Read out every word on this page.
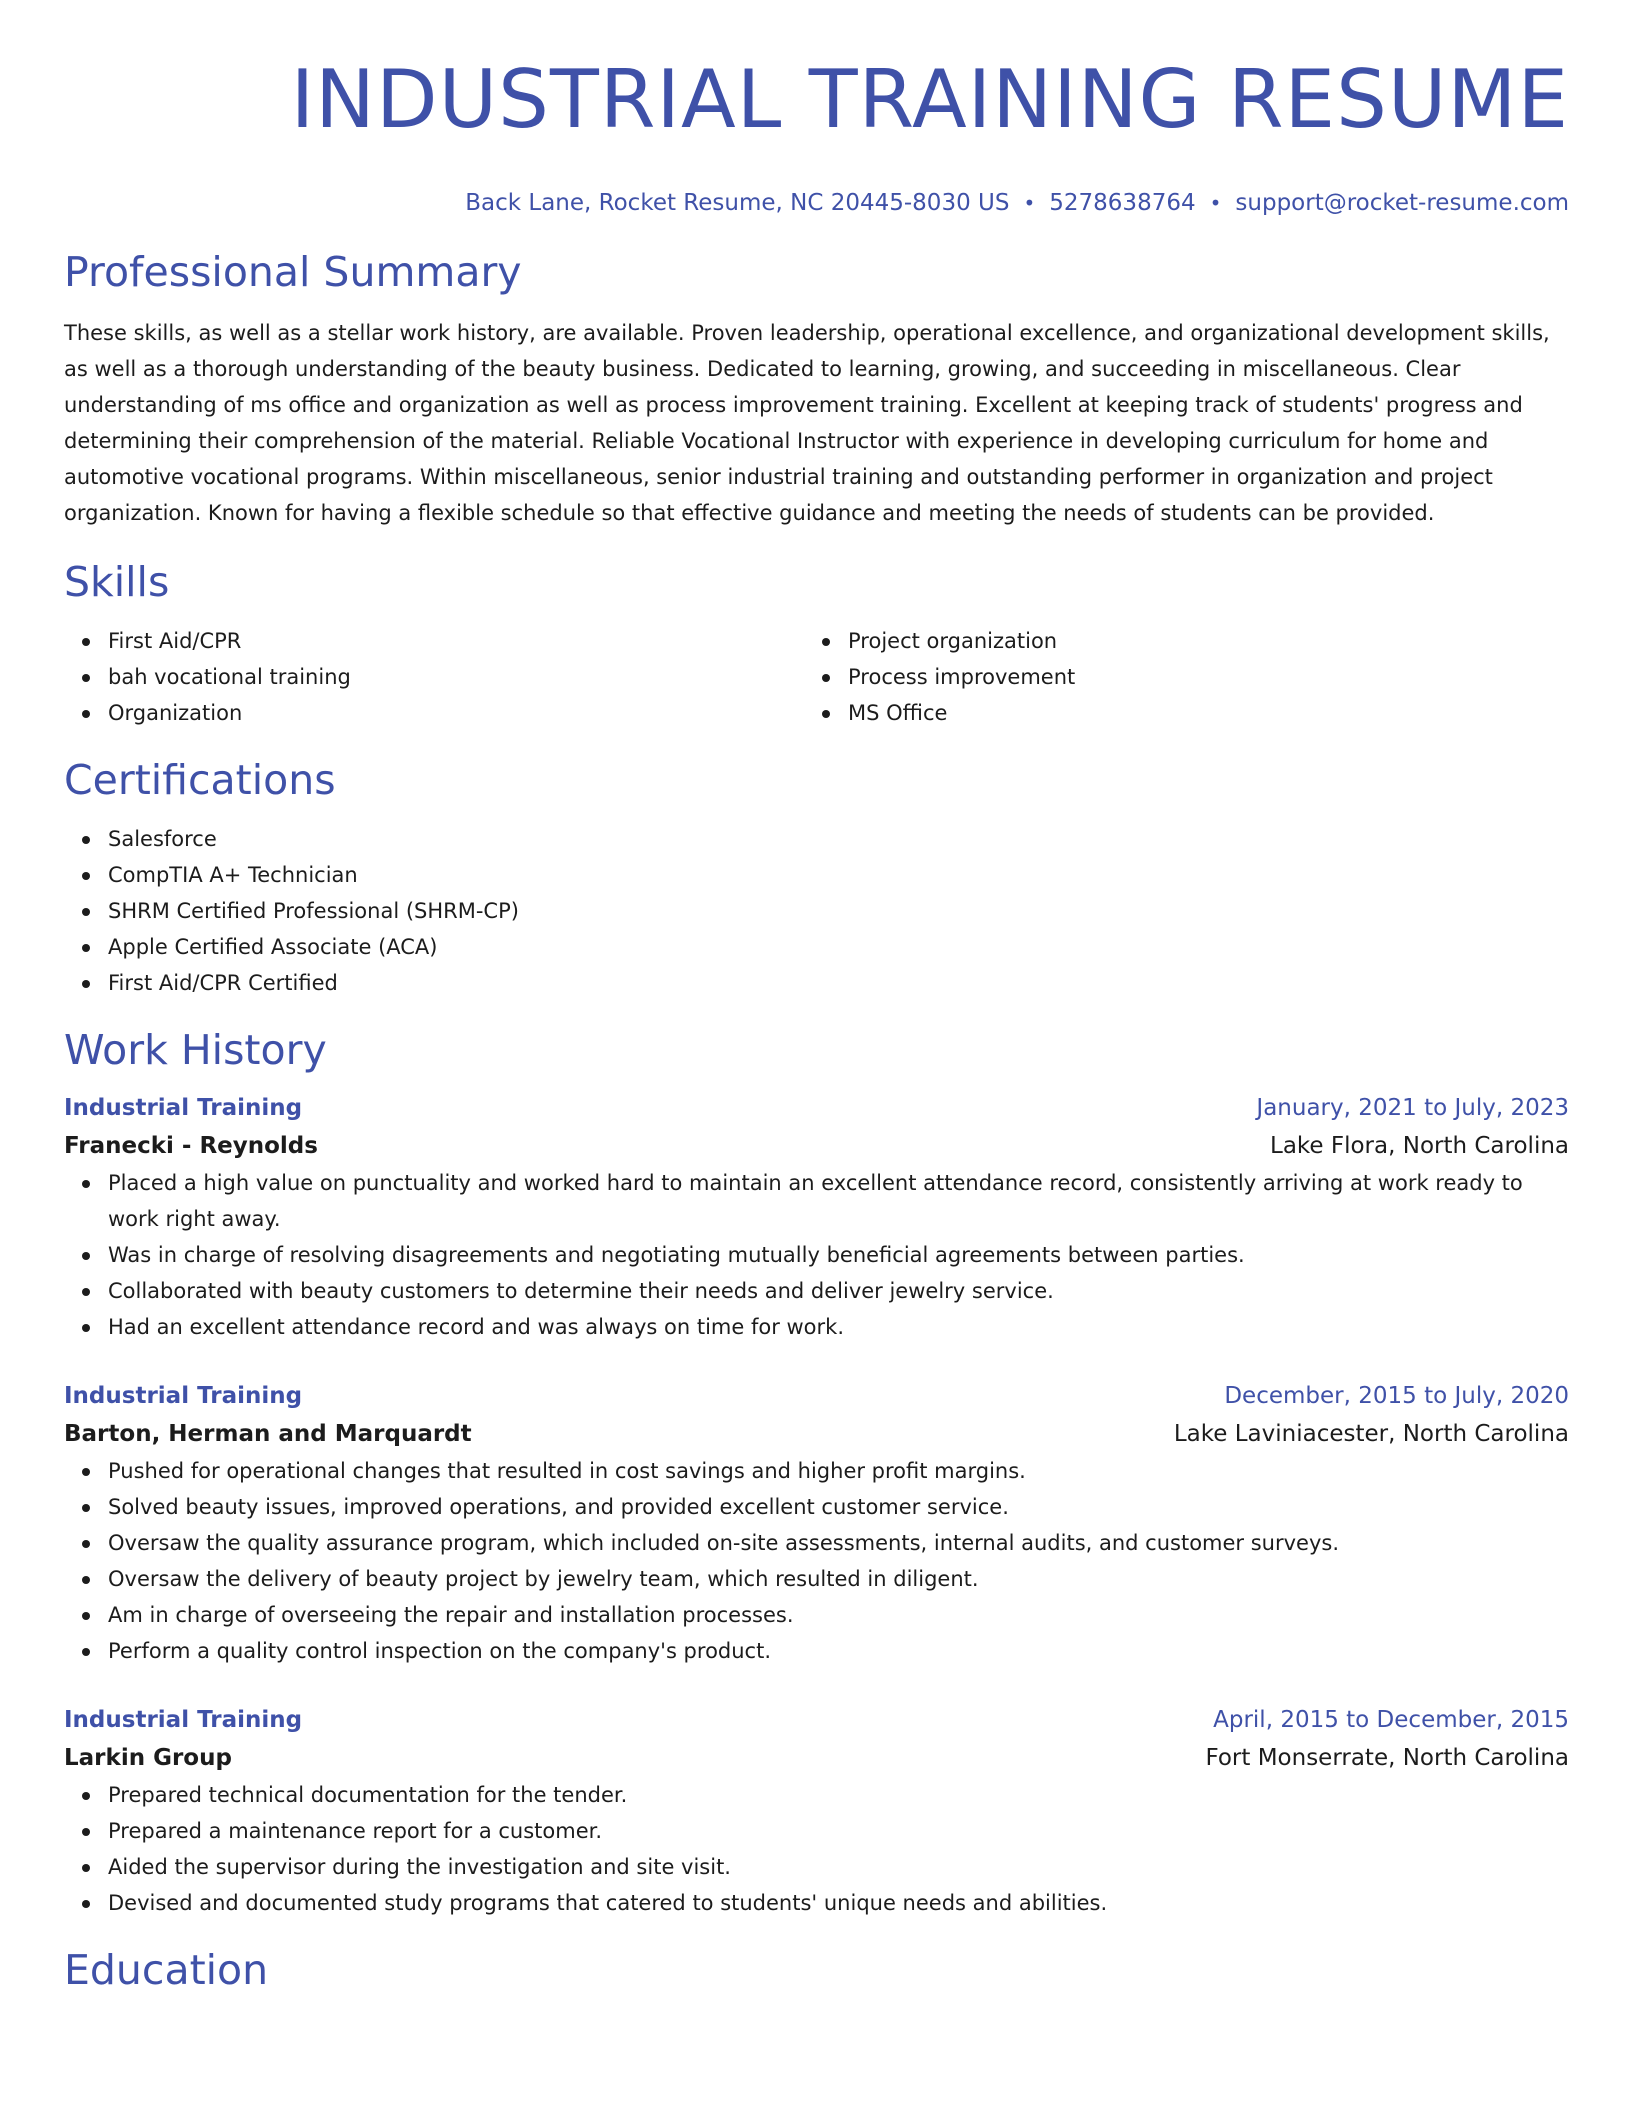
INDUSTRIAL TRAINING RESUME
Back Lane, Rocket Resume, NC 20445-8030 US • 5278638764 • support@rocket-resume.com
Professional Summary

These skills, as well as a stellar work history, are available. Proven leadership, operational excellence, and organizational development skills, as well as a thorough understanding of the beauty business. Dedicated to learning, growing, and succeeding in miscellaneous. Clear understanding of ms office and organization as well as process improvement training. Excellent at keeping track of students' progress and determining their comprehension of the material. Reliable Vocational Instructor with experience in developing curriculum for home and automotive vocational programs. Within miscellaneous, senior industrial training and outstanding performer in organization and project organization. Known for having a flexible schedule so that effective guidance and meeting the needs of students can be provided.

Skills
First Aid/CPR
bah vocational training
Organization
Project organization
Process improvement
MS Office
Certifications
Salesforce
CompTIA A+ Technician
SHRM Certified Professional (SHRM-CP)
Apple Certified Associate (ACA)
First Aid/CPR Certified
Work History
Industrial Training	January, 2021 to July, 2023
Franecki - Reynolds	Lake Flora, North Carolina
Placed a high value on punctuality and worked hard to maintain an excellent attendance record, consistently arriving at work ready to work right away.
Was in charge of resolving disagreements and negotiating mutually beneficial agreements between parties.
Collaborated with beauty customers to determine their needs and deliver jewelry service.
Had an excellent attendance record and was always on time for work.
Industrial Training	December, 2015 to July, 2020
Barton, Herman and Marquardt	Lake Laviniacester, North Carolina
Pushed for operational changes that resulted in cost savings and higher profit margins.
Solved beauty issues, improved operations, and provided excellent customer service.
Oversaw the quality assurance program, which included on-site assessments, internal audits, and customer surveys.
Oversaw the delivery of beauty project by jewelry team, which resulted in diligent.
Am in charge of overseeing the repair and installation processes.
Perform a quality control inspection on the company's product.
Industrial Training	April, 2015 to December, 2015
Larkin Group	Fort Monserrate, North Carolina
Prepared technical documentation for the tender.
Prepared a maintenance report for a customer.
Aided the supervisor during the investigation and site visit.
Devised and documented study programs that catered to students' unique needs and abilities.
Education
